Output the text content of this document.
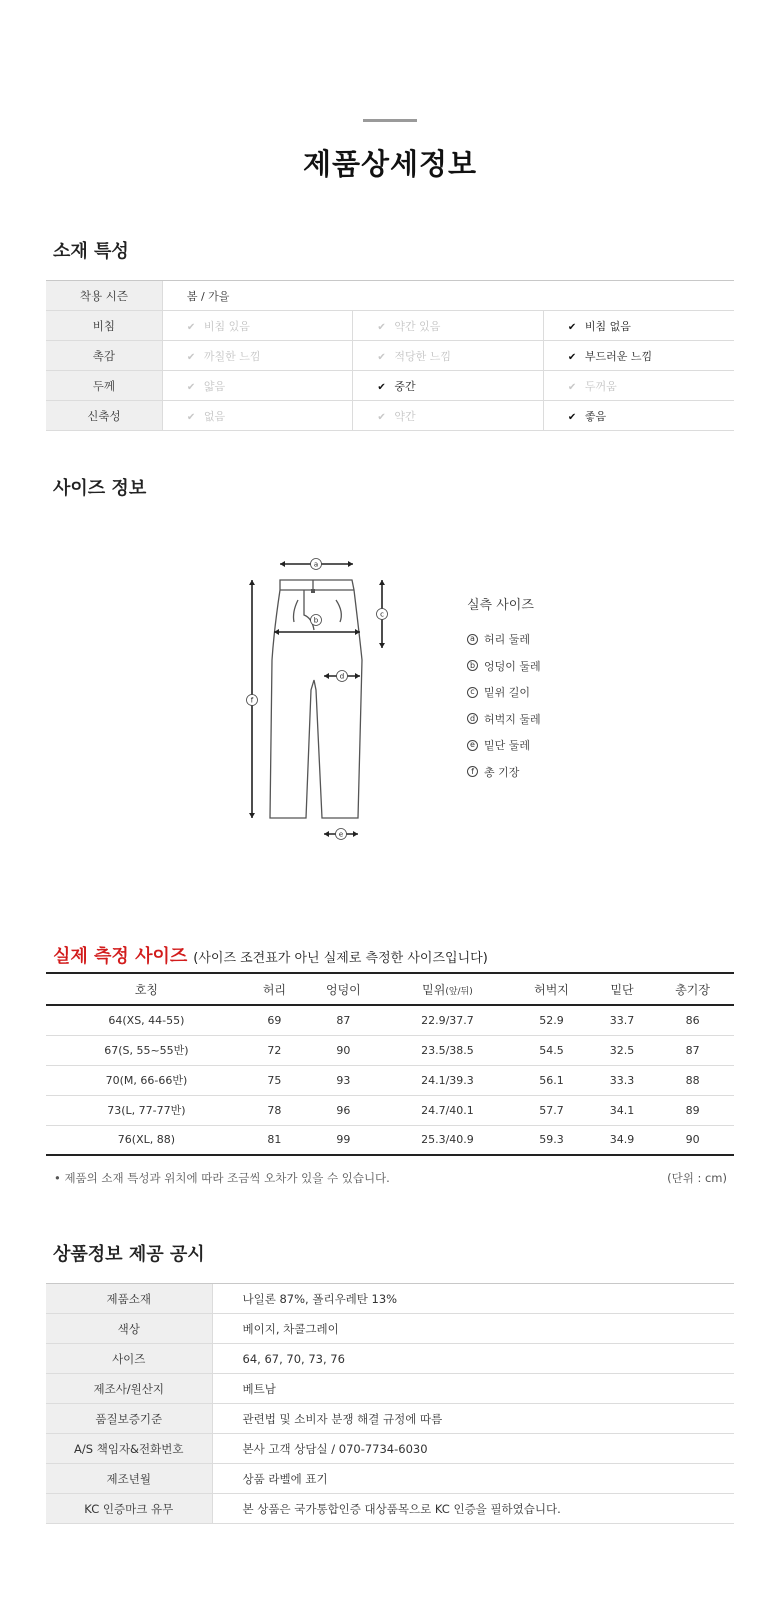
제품상세정보
소재 특성
착용 시즌	봄 / 가을		
비침	✔ 비침 있음	✔ 약간 있음	✔ 비침 없음
촉감	✔ 까칠한 느낌	✔ 적당한 느낌	✔ 부드러운 느낌
두께	✔ 얇음	✔ 중간	✔ 두꺼움
신축성	✔ 없음	✔ 약간	✔ 좋음
사이즈 정보
a
b
c
d
e
f
실측 사이즈
a 허리 둘레
b 엉덩이 둘레
c 밑위 길이
d 허벅지 둘레
e 밑단 둘레
f 총 기장
실제 측정 사이즈 (사이즈 조견표가 아닌 실제로 측정한 사이즈입니다)
호칭	허리	엉덩이	밑위(앞/뒤)	허벅지	밑단	총기장
64(XS, 44-55)	69	87	22.9/37.7	52.9	33.7	86
67(S, 55~55반)	72	90	23.5/38.5	54.5	32.5	87
70(M, 66-66반)	75	93	24.1/39.3	56.1	33.3	88
73(L, 77-77반)	78	96	24.7/40.1	57.7	34.1	89
76(XL, 88)	81	99	25.3/40.9	59.3	34.9	90
• 제품의 소재 특성과 위치에 따라 조금씩 오차가 있을 수 있습니다.	(단위 : cm)
상품정보 제공 공시
제품소재	나일론 87%, 폴리우레탄 13%
색상	베이지, 차콜그레이
사이즈	64, 67, 70, 73, 76
제조사/원산지	베트남
품질보증기준	관련법 및 소비자 분쟁 해결 규정에 따름
A/S 책임자&전화번호	본사 고객 상담실 / 070-7734-6030
제조년월	상품 라벨에 표기
KC 인증마크 유무	본 상품은 국가통합인증 대상품목으로 KC 인증을 필하였습니다.
